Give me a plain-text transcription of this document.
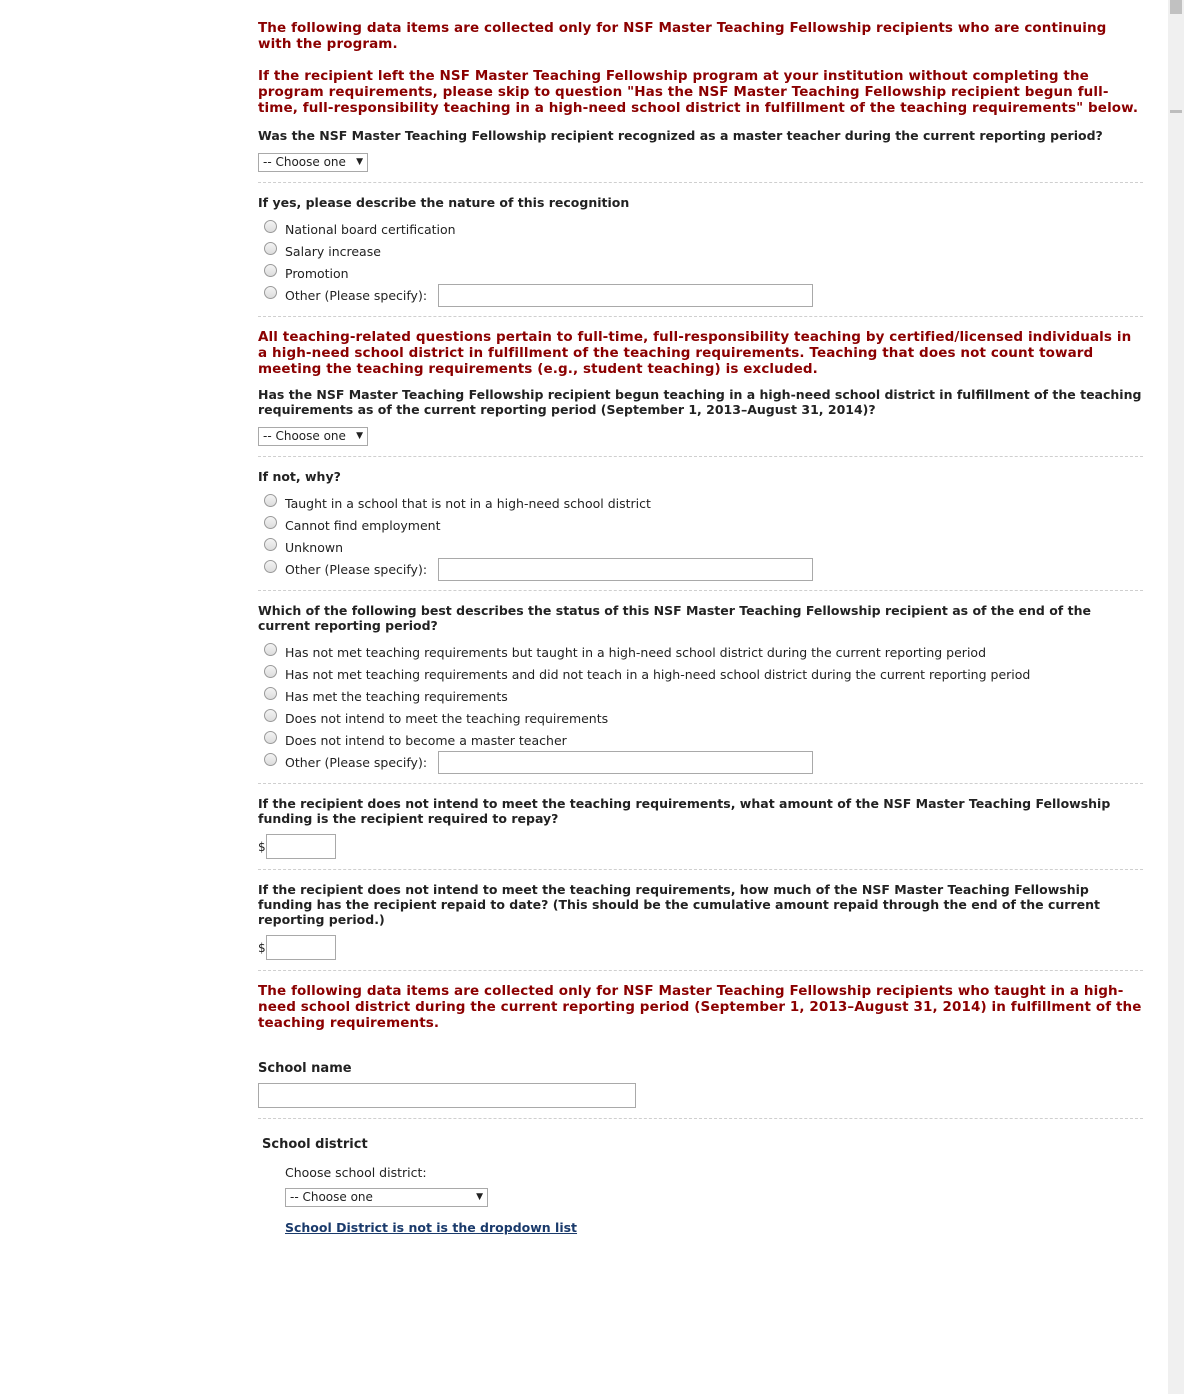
The following data items are collected only for NSF Master Teaching Fellowship recipients who are continuing with the program.

If the recipient left the NSF Master Teaching Fellowship program at your institution without completing the program requirements, please skip to question "Has the NSF Master Teaching Fellowship recipient begun full-time, full-responsibility teaching in a high-need school district in fulfillment of the teaching requirements" below.

Was the NSF Master Teaching Fellowship recipient recognized as a master teacher during the current reporting period?
-- Choose one ▼
If yes, please describe the nature of this recognition
National board certification
Salary increase
Promotion
Other (Please specify):

All teaching-related questions pertain to full-time, full-responsibility teaching by certified/licensed individuals in a high-need school district in fulfillment of the teaching requirements. Teaching that does not count toward meeting the teaching requirements (e.g., student teaching) is excluded.

Has the NSF Master Teaching Fellowship recipient begun teaching in a high-need school district in fulfillment of the teaching requirements as of the current reporting period (September 1, 2013–August 31, 2014)?
-- Choose one ▼
If not, why?
Taught in a school that is not in a high-need school district
Cannot find employment
Unknown
Other (Please specify):
Which of the following best describes the status of this NSF Master Teaching Fellowship recipient as of the end of the current reporting period?
Has not met teaching requirements but taught in a high-need school district during the current reporting period
Has not met teaching requirements and did not teach in a high-need school district during the current reporting period
Has met the teaching requirements
Does not intend to meet the teaching requirements
Does not intend to become a master teacher
Other (Please specify):
If the recipient does not intend to meet the teaching requirements, what amount of the NSF Master Teaching Fellowship funding is the recipient required to repay?
$
If the recipient does not intend to meet the teaching requirements, how much of the NSF Master Teaching Fellowship funding has the recipient repaid to date? (This should be the cumulative amount repaid through the end of the current reporting period.)
$

The following data items are collected only for NSF Master Teaching Fellowship recipients who taught in a high-need school district during the current reporting period (September 1, 2013–August 31, 2014) in fulfillment of the teaching requirements.

School name
School district
Choose school district:
-- Choose one	▼
School District is not is the dropdown list
